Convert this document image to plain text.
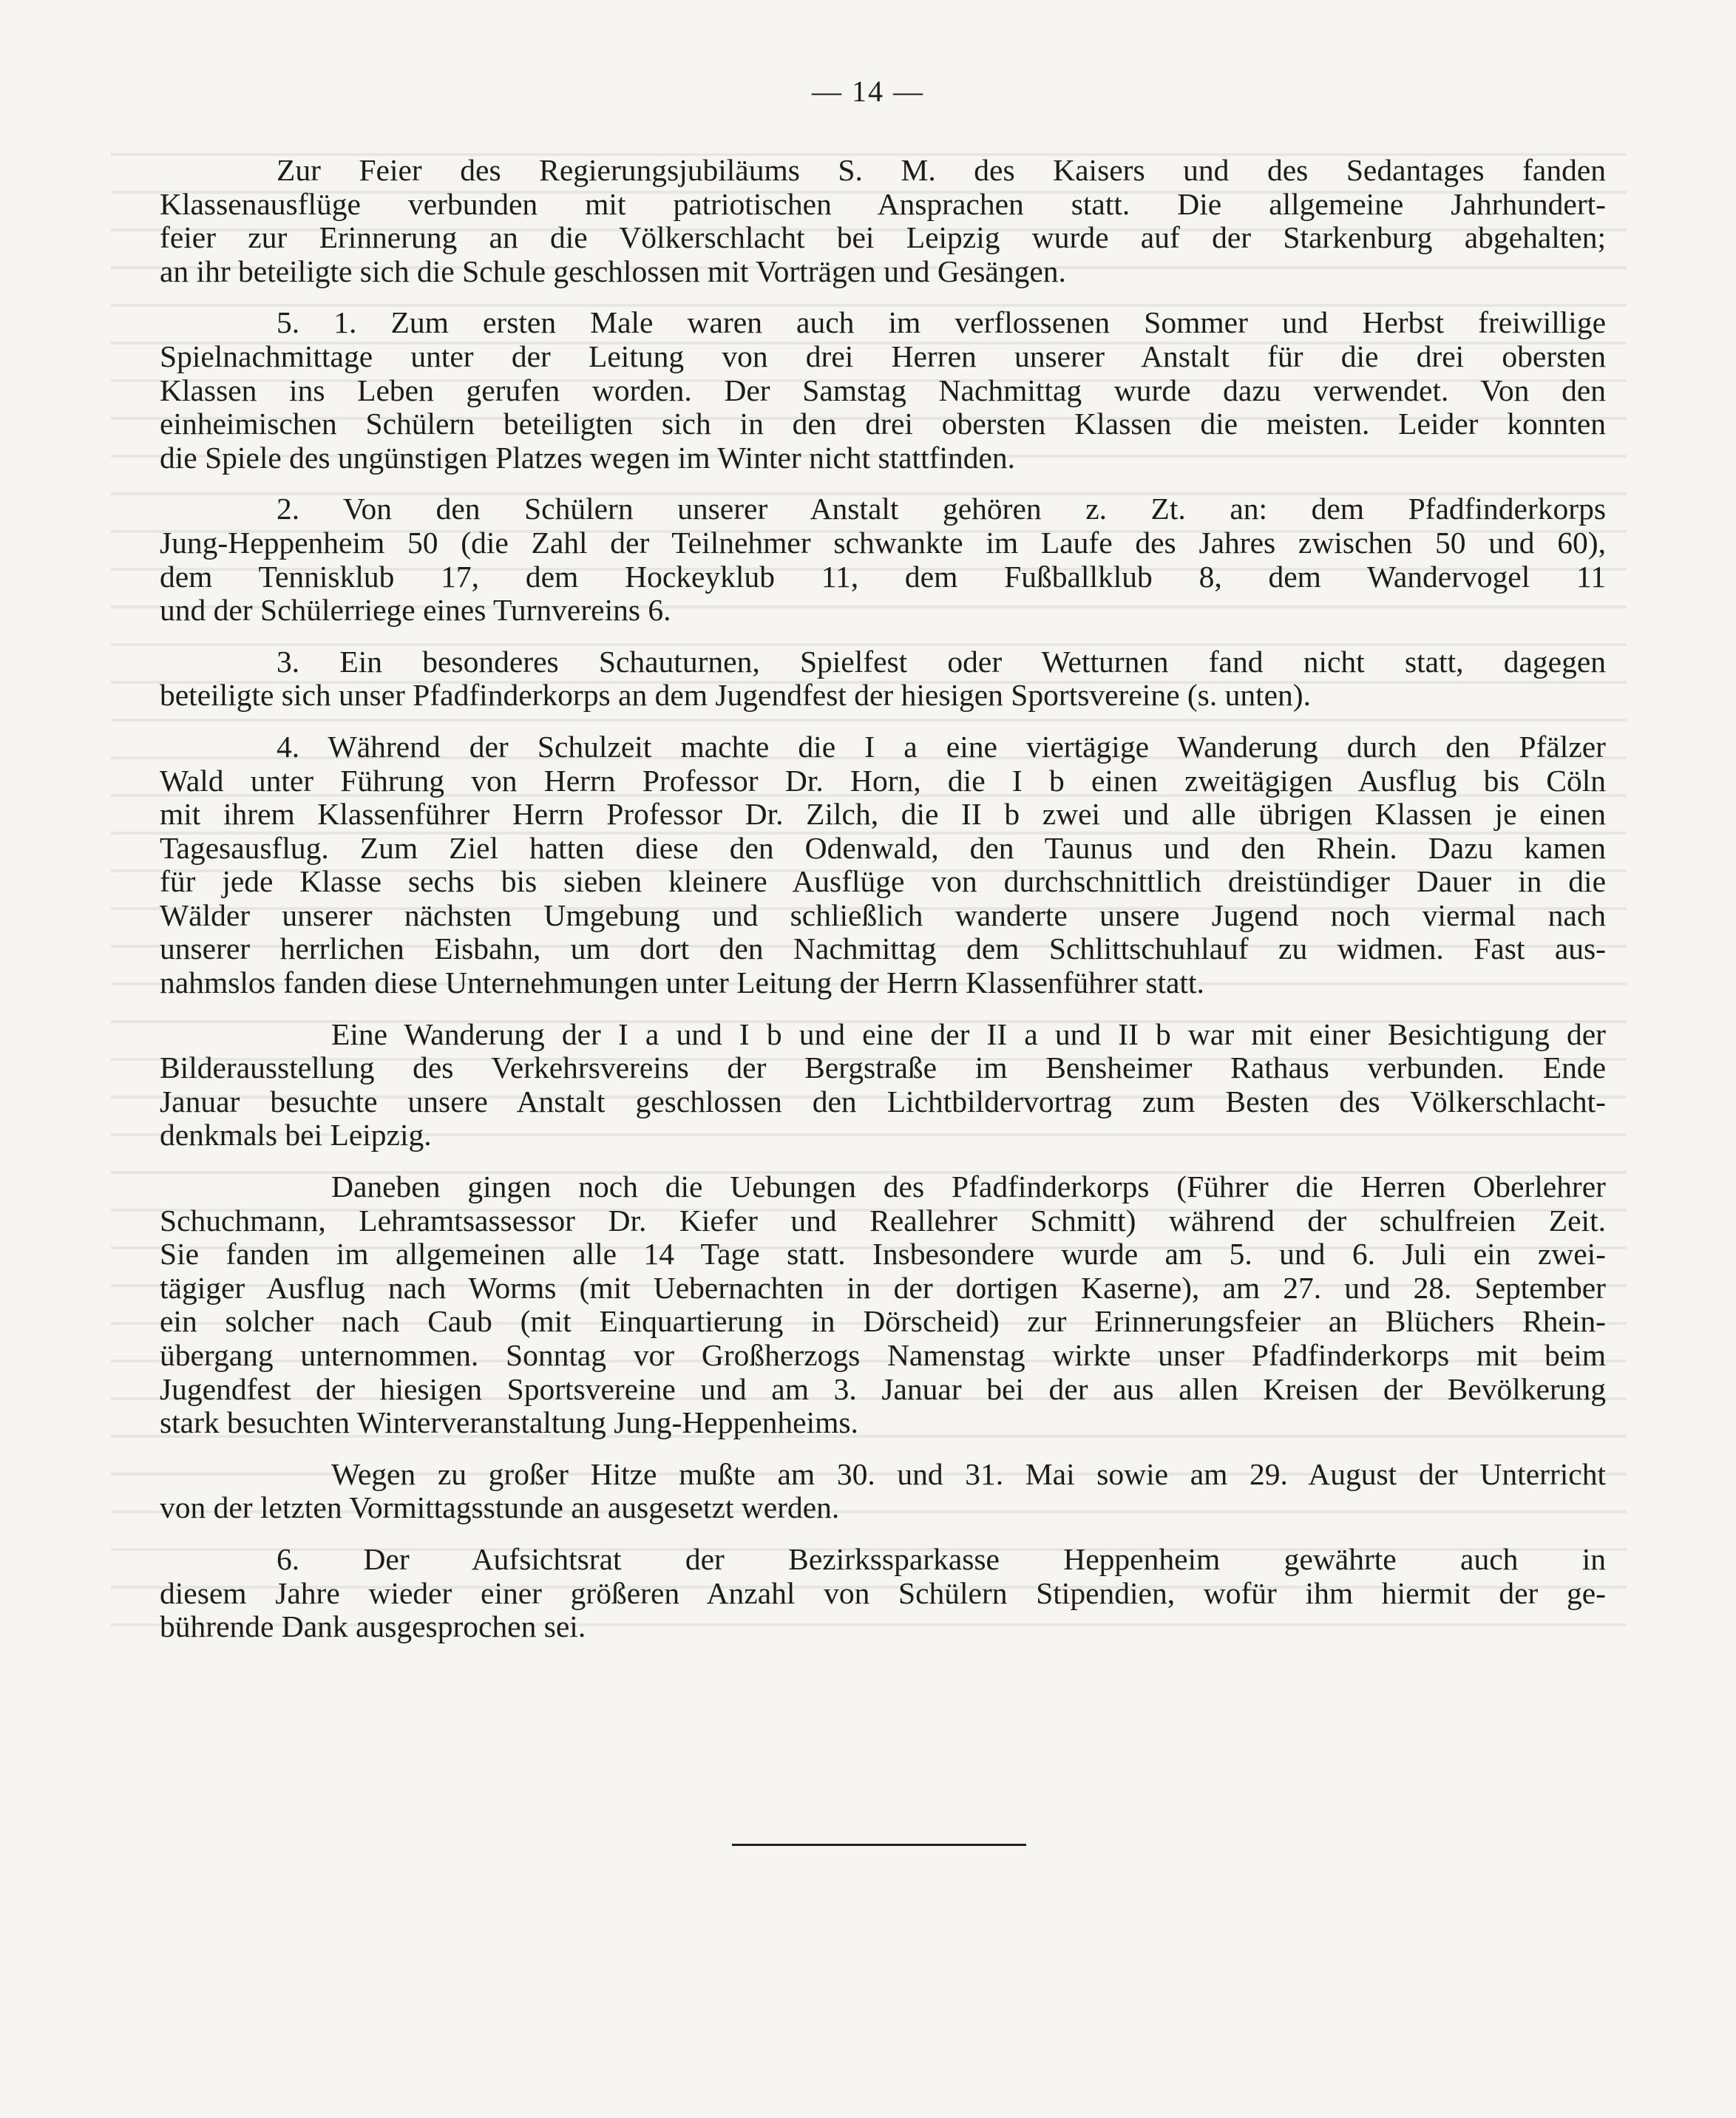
— 14 —
Zur Feier des Regierungsjubiläums S. M. des Kaisers und des Sedantages fanden
Klassenausflüge verbunden mit patriotischen Ansprachen statt. Die allgemeine Jahrhundert-
feier zur Erinnerung an die Völkerschlacht bei Leipzig wurde auf der Starkenburg abgehalten;
an ihr beteiligte sich die Schule geschlossen mit Vorträgen und Gesängen.
5. 1. Zum ersten Male waren auch im verflossenen Sommer und Herbst freiwillige
Spielnachmittage unter der Leitung von drei Herren unserer Anstalt für die drei obersten
Klassen ins Leben gerufen worden. Der Samstag Nachmittag wurde dazu verwendet. Von den
einheimischen Schülern beteiligten sich in den drei obersten Klassen die meisten. Leider konnten
die Spiele des ungünstigen Platzes wegen im Winter nicht stattfinden.
2. Von den Schülern unserer Anstalt gehören z. Zt. an: dem Pfadfinderkorps
Jung-Heppenheim 50 (die Zahl der Teilnehmer schwankte im Laufe des Jahres zwischen 50 und 60),
dem Tennisklub 17, dem Hockeyklub 11, dem Fußballklub 8, dem Wandervogel 11
und der Schülerriege eines Turnvereins 6.
3. Ein besonderes Schauturnen, Spielfest oder Wetturnen fand nicht statt, dagegen
beteiligte sich unser Pfadfinderkorps an dem Jugendfest der hiesigen Sportsvereine (s. unten).
4. Während der Schulzeit machte die I a eine viertägige Wanderung durch den Pfälzer
Wald unter Führung von Herrn Professor Dr. Horn, die I b einen zweitägigen Ausflug bis Cöln
mit ihrem Klassenführer Herrn Professor Dr. Zilch, die II b zwei und alle übrigen Klassen je einen
Tagesausflug. Zum Ziel hatten diese den Odenwald, den Taunus und den Rhein. Dazu kamen
für jede Klasse sechs bis sieben kleinere Ausflüge von durchschnittlich dreistündiger Dauer in die
Wälder unserer nächsten Umgebung und schließlich wanderte unsere Jugend noch viermal nach
unserer herrlichen Eisbahn, um dort den Nachmittag dem Schlittschuhlauf zu widmen. Fast aus-
nahmslos fanden diese Unternehmungen unter Leitung der Herrn Klassenführer statt.
Eine Wanderung der I a und I b und eine der II a und II b war mit einer Besichtigung der
Bilderausstellung des Verkehrsvereins der Bergstraße im Bensheimer Rathaus verbunden. Ende
Januar besuchte unsere Anstalt geschlossen den Lichtbildervortrag zum Besten des Völkerschlacht-
denkmals bei Leipzig.
Daneben gingen noch die Uebungen des Pfadfinderkorps (Führer die Herren Oberlehrer
Schuchmann, Lehramtsassessor Dr. Kiefer und Reallehrer Schmitt) während der schulfreien Zeit.
Sie fanden im allgemeinen alle 14 Tage statt. Insbesondere wurde am 5. und 6. Juli ein zwei-
tägiger Ausflug nach Worms (mit Uebernachten in der dortigen Kaserne), am 27. und 28. September
ein solcher nach Caub (mit Einquartierung in Dörscheid) zur Erinnerungsfeier an Blüchers Rhein-
übergang unternommen. Sonntag vor Großherzogs Namenstag wirkte unser Pfadfinderkorps mit beim
Jugendfest der hiesigen Sportsvereine und am 3. Januar bei der aus allen Kreisen der Bevölkerung
stark besuchten Winterveranstaltung Jung-Heppenheims.
Wegen zu großer Hitze mußte am 30. und 31. Mai sowie am 29. August der Unterricht
von der letzten Vormittagsstunde an ausgesetzt werden.
6. Der Aufsichtsrat der Bezirkssparkasse Heppenheim gewährte auch in
diesem Jahre wieder einer größeren Anzahl von Schülern Stipendien, wofür ihm hiermit der ge-
bührende Dank ausgesprochen sei.
